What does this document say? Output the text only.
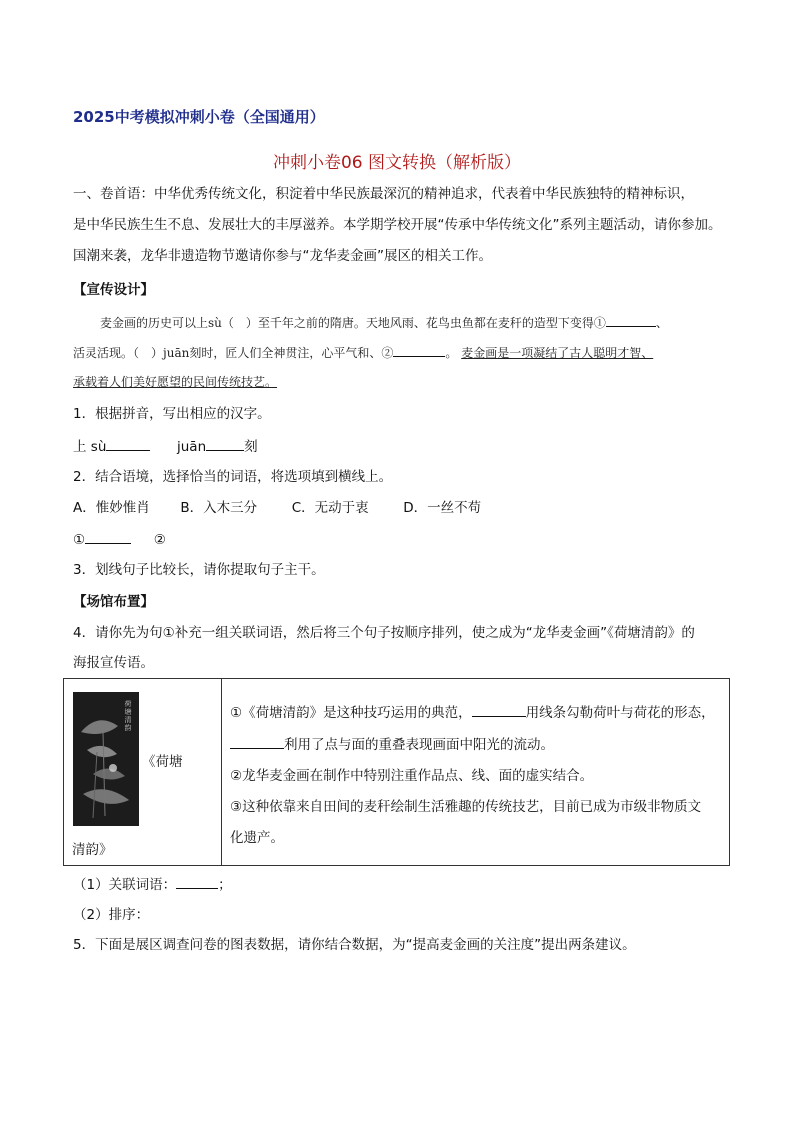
2025中考模拟冲刺小卷（全国通用）
冲刺小卷06 图文转换（解析版）
一、卷首语：中华优秀传统文化，积淀着中华民族最深沉的精神追求，代表着中华民族独特的精神标识，
是中华民族生生不息、发展壮大的丰厚滋养。本学期学校开展“传承中华传统文化”系列主题活动，请你参加。
国潮来袭，龙华非遗造物节邀请你参与“龙华麦金画”展区的相关工作。
【宣传设计】
麦金画的历史可以上sù（　）至千年之前的隋唐。天地风雨、花鸟虫鱼都在麦秆的造型下变得①	、
活灵活现。（　）juān刻时，匠人们全神贯注，心平气和、②	。 麦金画是一项凝结了古人聪明才智、
承载着人们美好愿望的民间传统技艺。
1．根据拼音，写出相应的汉字。
上 sù	juān	刻
2．结合语境，选择恰当的词语，将选项填到横线上。
A．惟妙惟肖 B．入木三分	C．无动于衷	D．一丝不苟
①	②
3．划线句子比较长，请你提取句子主干。
【场馆布置】
4．请你先为句①补充一组关联词语，然后将三个句子按顺序排列，使之成为“龙华麦金画”《荷塘清韵》的
海报宣传语。
荷塘清韵
《荷塘
清韵》

①《荷塘清韵》是这种技巧运用的典范，	用线条勾勒荷叶与荷花的形态，
利用了点与面的重叠表现画面中阳光的流动。
②龙华麦金画在制作中特别注重作品点、线、面的虚实结合。
③这种依靠来自田间的麦秆绘制生活雅趣的传统技艺，目前已成为市级非物质文
化遗产。
（1）关联词语：	；
（2）排序：
5．下面是展区调查问卷的图表数据，请你结合数据，为“提高麦金画的关注度”提出两条建议。
